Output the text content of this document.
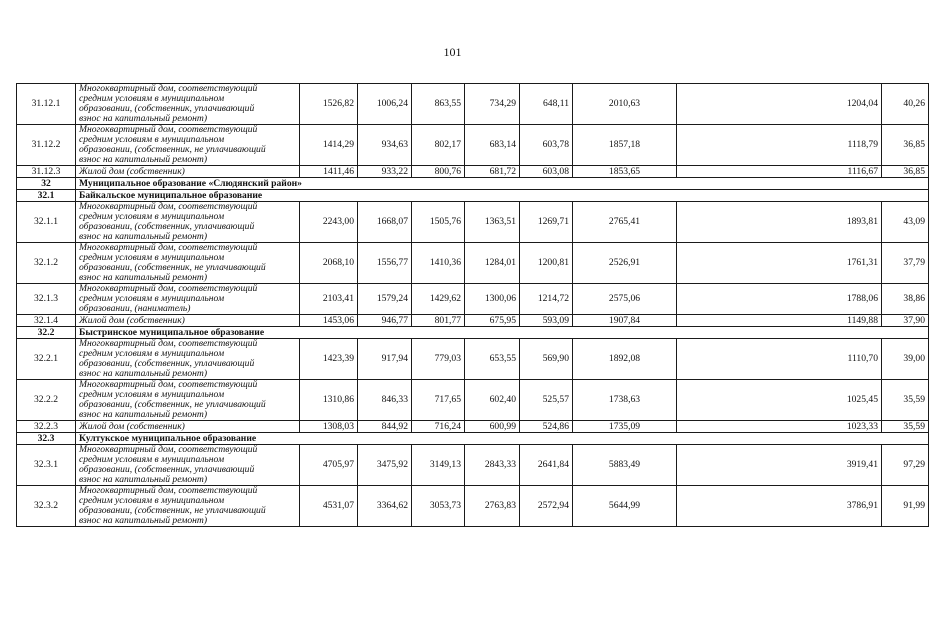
101
31.12.1	Многоквартирный дом, соответствующий
средним условиям в муниципальном
образовании, (собственник, уплачивающий
взнос на капитальный ремонт)	1526,82	1006,24	863,55	734,29	648,11	2010,63	1204,04	40,26
31.12.2	Многоквартирный дом, соответствующий
средним условиям в муниципальном
образовании, (собственник, не уплачивающий
взнос на капитальный ремонт)	1414,29	934,63	802,17	683,14	603,78	1857,18	1118,79	36,85
31.12.3	Жилой дом (собственник)	1411,46	933,22	800,76	681,72	603,08	1853,65	1116,67	36,85
32	Муниципальное образование «Слюдянский район»								
32.1	Байкальское муниципальное образование								
32.1.1	Многоквартирный дом, соответствующий
средним условиям в муниципальном
образовании, (собственник, уплачивающий
взнос на капитальный ремонт)	2243,00	1668,07	1505,76	1363,51	1269,71	2765,41	1893,81	43,09
32.1.2	Многоквартирный дом, соответствующий
средним условиям в муниципальном
образовании, (собственник, не уплачивающий
взнос на капитальный ремонт)	2068,10	1556,77	1410,36	1284,01	1200,81	2526,91	1761,31	37,79
32.1.3	Многоквартирный дом, соответствующий
средним условиям в муниципальном
образовании, (наниматель)	2103,41	1579,24	1429,62	1300,06	1214,72	2575,06	1788,06	38,86
32.1.4	Жилой дом (собственник)	1453,06	946,77	801,77	675,95	593,09	1907,84	1149,88	37,90
32.2	Быстринское муниципальное образование								
32.2.1	Многоквартирный дом, соответствующий
средним условиям в муниципальном
образовании, (собственник, уплачивающий
взнос на капитальный ремонт)	1423,39	917,94	779,03	653,55	569,90	1892,08	1110,70	39,00
32.2.2	Многоквартирный дом, соответствующий
средним условиям в муниципальном
образовании, (собственник, не уплачивающий
взнос на капитальный ремонт)	1310,86	846,33	717,65	602,40	525,57	1738,63	1025,45	35,59
32.2.3	Жилой дом (собственник)	1308,03	844,92	716,24	600,99	524,86	1735,09	1023,33	35,59
32.3	Култукское муниципальное образование								
32.3.1	Многоквартирный дом, соответствующий
средним условиям в муниципальном
образовании, (собственник, уплачивающий
взнос на капитальный ремонт)	4705,97	3475,92	3149,13	2843,33	2641,84	5883,49	3919,41	97,29
32.3.2	Многоквартирный дом, соответствующий
средним условиям в муниципальном
образовании, (собственник, не уплачивающий
взнос на капитальный ремонт)	4531,07	3364,62	3053,73	2763,83	2572,94	5644,99	3786,91	91,99
